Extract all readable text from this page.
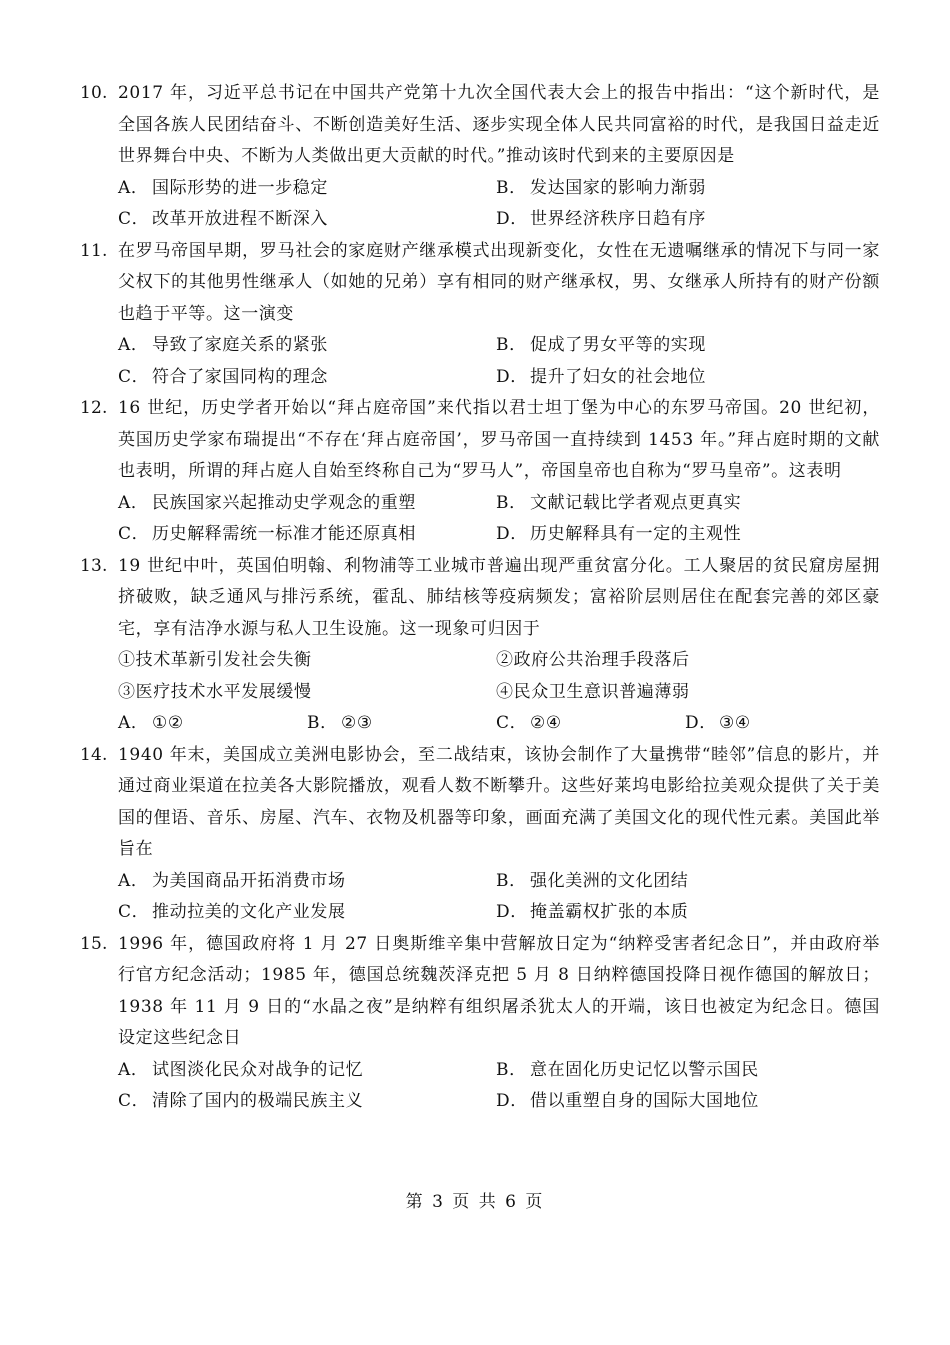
10. 2017 年，习近平总书记在中国共产党第十九次全国代表大会上的报告中指出：“这个新时代，是全国各族人民团结奋斗、不断创造美好生活、逐步实现全体人民共同富裕的时代，是我国日益走近世界舞台中央、不断为人类做出更大贡献的时代。”推动该时代到来的主要原因是
A． 国际形势的进一步稳定	B． 发达国家的影响力渐弱
C． 改革开放进程不断深入	D． 世界经济秩序日趋有序
11. 在罗马帝国早期，罗马社会的家庭财产继承模式出现新变化，女性在无遗嘱继承的情况下与同一家父权下的其他男性继承人（如她的兄弟）享有相同的财产继承权，男、女继承人所持有的财产份额也趋于平等。这一演变
A． 导致了家庭关系的紧张	B． 促成了男女平等的实现
C． 符合了家国同构的理念	D． 提升了妇女的社会地位
12. 16 世纪，历史学者开始以“拜占庭帝国”来代指以君士坦丁堡为中心的东罗马帝国。20 世纪初，英国历史学家布瑞提出“不存在‘拜占庭帝国’，罗马帝国一直持续到 1453 年。”拜占庭时期的文献也表明，所谓的拜占庭人自始至终称自己为“罗马人”，帝国皇帝也自称为“罗马皇帝”。这表明
A． 民族国家兴起推动史学观念的重塑	B． 文献记载比学者观点更真实
C． 历史解释需统一标准才能还原真相	D． 历史解释具有一定的主观性
13. 19 世纪中叶，英国伯明翰、利物浦等工业城市普遍出现严重贫富分化。工人聚居的贫民窟房屋拥挤破败，缺乏通风与排污系统，霍乱、肺结核等疫病频发；富裕阶层则居住在配套完善的郊区豪宅，享有洁净水源与私人卫生设施。这一现象可归因于
①技术革新引发社会失衡	②政府公共治理手段落后
③医疗技术水平发展缓慢	④民众卫生意识普遍薄弱
A． ①②	B． ②③	C． ②④	D． ③④
14. 1940 年末，美国成立美洲电影协会，至二战结束，该协会制作了大量携带“睦邻”信息的影片，并通过商业渠道在拉美各大影院播放，观看人数不断攀升。这些好莱坞电影给拉美观众提供了关于美国的俚语、音乐、房屋、汽车、衣物及机器等印象，画面充满了美国文化的现代性元素。美国此举旨在
A． 为美国商品开拓消费市场	B． 强化美洲的文化团结
C． 推动拉美的文化产业发展	D． 掩盖霸权扩张的本质
15. 1996 年，德国政府将 1 月 27 日奥斯维辛集中营解放日定为“纳粹受害者纪念日”，并由政府举行官方纪念活动；1985 年，德国总统魏茨泽克把 5 月 8 日纳粹德国投降日视作德国的解放日；1938 年 11 月 9 日的“水晶之夜”是纳粹有组织屠杀犹太人的开端，该日也被定为纪念日。德国设定这些纪念日
A． 试图淡化民众对战争的记忆	B． 意在固化历史记忆以警示国民
C． 清除了国内的极端民族主义	D． 借以重塑自身的国际大国地位
第 3 页 共 6 页
